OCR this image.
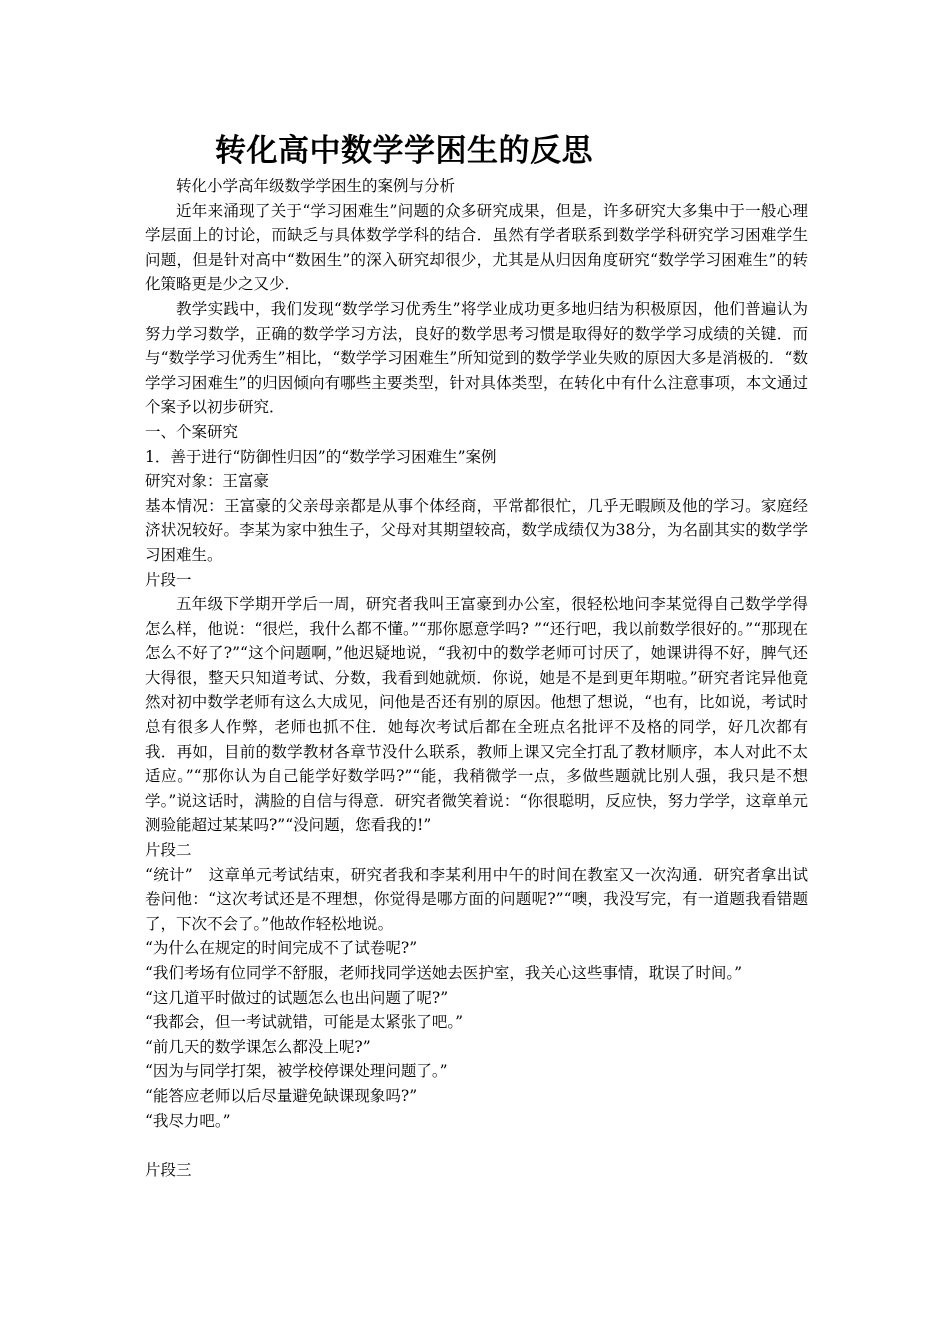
转化高中数学学困生的反思
转化小学高年级数学学困生的案例与分析

近年来涌现了关于“学习困难生”问题的众多研究成果，但是，许多研究大多集中于一般心理学层面上的讨论，而缺乏与具体数学学科的结合．虽然有学者联系到数学学科研究学习困难学生问题，但是针对高中“数困生”的深入研究却很少，尤其是从归因角度研究“数学学习困难生”的转化策略更是少之又少．

教学实践中，我们发现“数学学习优秀生”将学业成功更多地归结为积极原因，他们普遍认为努力学习数学，正确的数学学习方法，良好的数学思考习惯是取得好的数学学习成绩的关键．而与“数学学习优秀生”相比，“数学学习困难生”所知觉到的数学学业失败的原因大多是消极的．“数学学习困难生”的归因倾向有哪些主要类型，针对具体类型，在转化中有什么注意事项，本文通过个案予以初步研究．

一、个案研究
1．善于进行“防御性归因”的“数学学习困难生”案例
研究对象：王富豪

基本情况：王富豪的父亲母亲都是从事个体经商，平常都很忙，几乎无暇顾及他的学习。家庭经济状况较好。李某为家中独生子，父母对其期望较高，数学成绩仅为38分，为名副其实的数学学习困难生。

片段一

五年级下学期开学后一周，研究者我叫王富豪到办公室，很轻松地问李某觉得自己数学学得怎么样，他说：“很烂，我什么都不懂。”“那你愿意学吗? ”“还行吧，我以前数学很好的。”“那现在怎么不好了?”“这个问题啊，”他迟疑地说，“我初中的数学老师可讨厌了，她课讲得不好，脾气还大得很，整天只知道考试、分数，我看到她就烦．你说，她是不是到更年期啦。”研究者诧异他竟然对初中数学老师有这么大成见，问他是否还有别的原因。他想了想说，“也有，比如说，考试时总有很多人作弊，老师也抓不住．她每次考试后都在全班点名批评不及格的同学，好几次都有我．再如，目前的数学教材各章节没什么联系，教师上课又完全打乱了教材顺序，本人对此不太适应。”“那你认为自己能学好数学吗?”“能，我稍微学一点，多做些题就比别人强，我只是不想学。”说这话时，满脸的自信与得意．研究者微笑着说：“你很聪明，反应快，努力学学，这章单元测验能超过某某吗?”“没问题，您看我的!”

片段二

“统计”　这章单元考试结束，研究者我和李某利用中午的时间在教室又一次沟通．研究者拿出试卷问他：“这次考试还是不理想，你觉得是哪方面的问题呢?”“噢，我没写完，有一道题我看错题了，下次不会了。”他故作轻松地说。

“为什么在规定的时间完成不了试卷呢?”
“我们考场有位同学不舒服，老师找同学送她去医护室，我关心这些事情，耽误了时间。”
“这几道平时做过的试题怎么也出问题了呢?”
“我都会，但一考试就错，可能是太紧张了吧。”
“前几天的数学课怎么都没上呢?”
“因为与同学打架，被学校停课处理问题了。”
“能答应老师以后尽量避免缺课现象吗?”
“我尽力吧。”
片段三
